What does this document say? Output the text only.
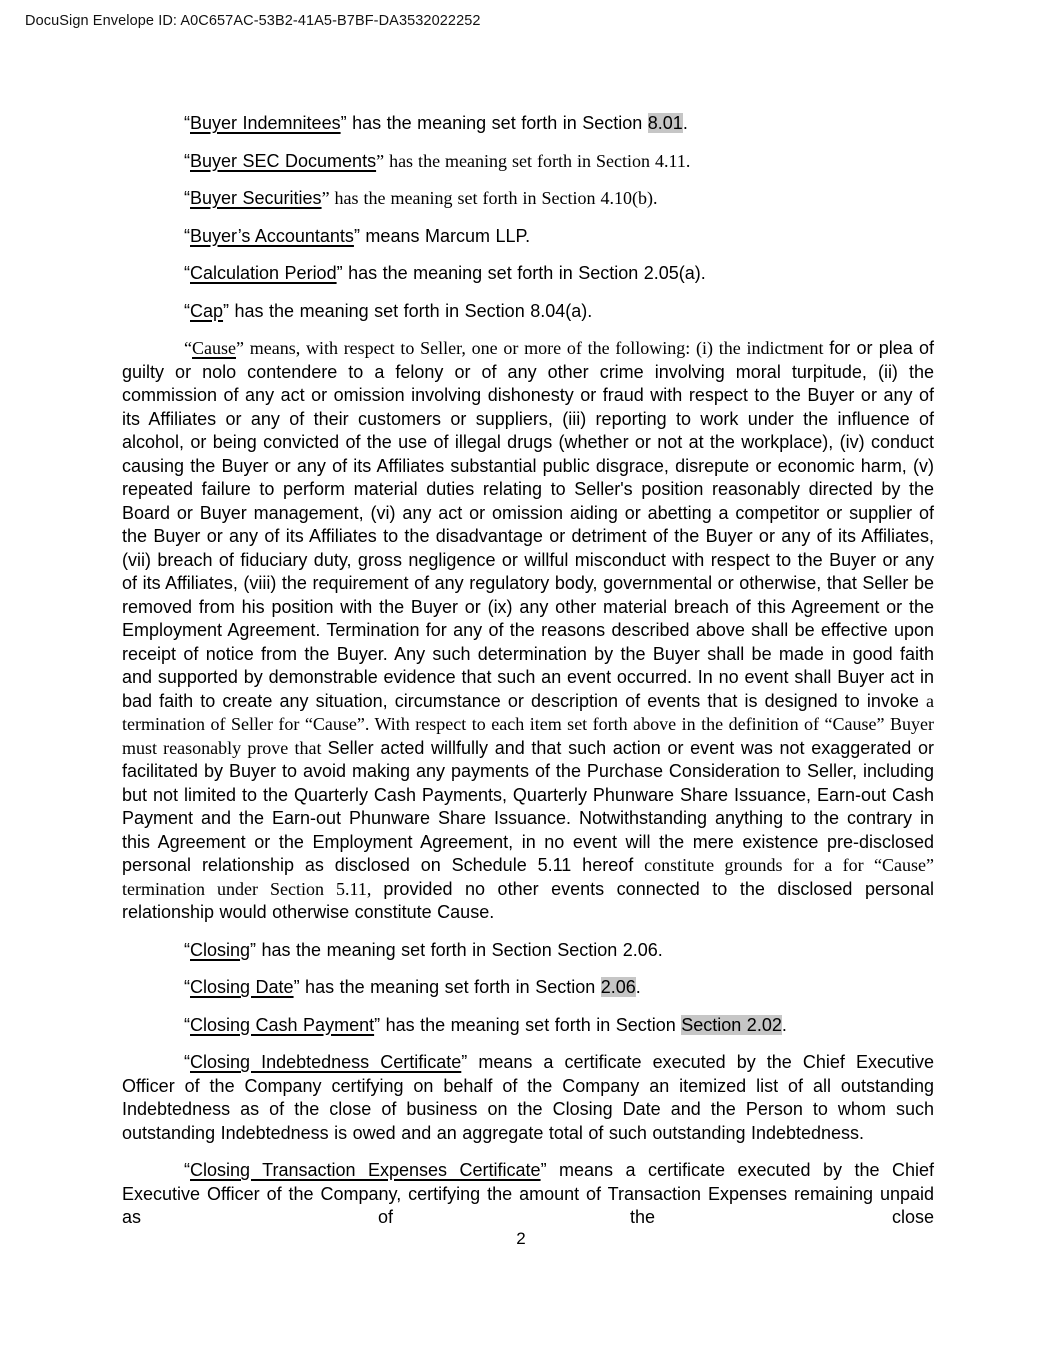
DocuSign Envelope ID: A0C657AC-53B2-41A5-B7BF-DA3532022252

“Buyer Indemnitees” has the meaning set forth in Section 8.01.

“Buyer SEC Documents” has the meaning set forth in Section 4.11.

“Buyer Securities” has the meaning set forth in Section 4.10(b).

“Buyer’s Accountants” means Marcum LLP.

“Calculation Period” has the meaning set forth in Section 2.05(a).

“Cap” has the meaning set forth in Section 8.04(a).

“Cause” means, with respect to Seller, one or more of the following: (i) the indictment for or plea of guilty or nolo contendere to a felony or of any other crime involving moral turpitude, (ii) the commission of any act or omission involving dishonesty or fraud with respect to the Buyer or any of its Affiliates or any of their customers or suppliers, (iii) reporting to work under the influence of alcohol, or being convicted of the use of illegal drugs (whether or not at the workplace), (iv) conduct causing the Buyer or any of its Affiliates substantial public disgrace, disrepute or economic harm, (v) repeated failure to perform material duties relating to Seller's position reasonably directed by the Board or Buyer management, (vi) any act or omission aiding or abetting a competitor or supplier of the Buyer or any of its Affiliates to the disadvantage or detriment of the Buyer or any of its Affiliates, (vii) breach of fiduciary duty, gross negligence or willful misconduct with respect to the Buyer or any of its Affiliates, (viii) the requirement of any regulatory body, governmental or otherwise, that Seller be removed from his position with the Buyer or (ix) any other material breach of this Agreement or the Employment Agreement. Termination for any of the reasons described above shall be effective upon receipt of notice from the Buyer. Any such determination by the Buyer shall be made in good faith and supported by demonstrable evidence that such an event occurred. In no event shall Buyer act in bad faith to create any situation, circumstance or description of events that is designed to invoke a termination of Seller for “Cause”. With respect to each item set forth above in the definition of “Cause” Buyer must reasonably prove that Seller acted willfully and that such action or event was not exaggerated or facilitated by Buyer to avoid making any payments of the Purchase Consideration to Seller, including but not limited to the Quarterly Cash Payments, Quarterly Phunware Share Issuance, Earn-out Cash Payment and the Earn-out Phunware Share Issuance. Notwithstanding anything to the contrary in this Agreement or the Employment Agreement, in no event will the mere existence pre-disclosed personal relationship as disclosed on Schedule 5.11 hereof constitute grounds for a for “Cause” termination under Section 5.11, provided no other events connected to the disclosed personal relationship would otherwise constitute Cause.

“Closing” has the meaning set forth in Section Section 2.06.

“Closing Date” has the meaning set forth in Section 2.06.

“Closing Cash Payment” has the meaning set forth in Section Section 2.02.

“Closing Indebtedness Certificate” means a certificate executed by the Chief Executive Officer of the Company certifying on behalf of the Company an itemized list of all outstanding Indebtedness as of the close of business on the Closing Date and the Person to whom such outstanding Indebtedness is owed and an aggregate total of such outstanding Indebtedness.

“Closing Transaction Expenses Certificate” means a certificate executed by the Chief Executive Officer of the Company, certifying the amount of Transaction Expenses remaining unpaid as of the close

2
